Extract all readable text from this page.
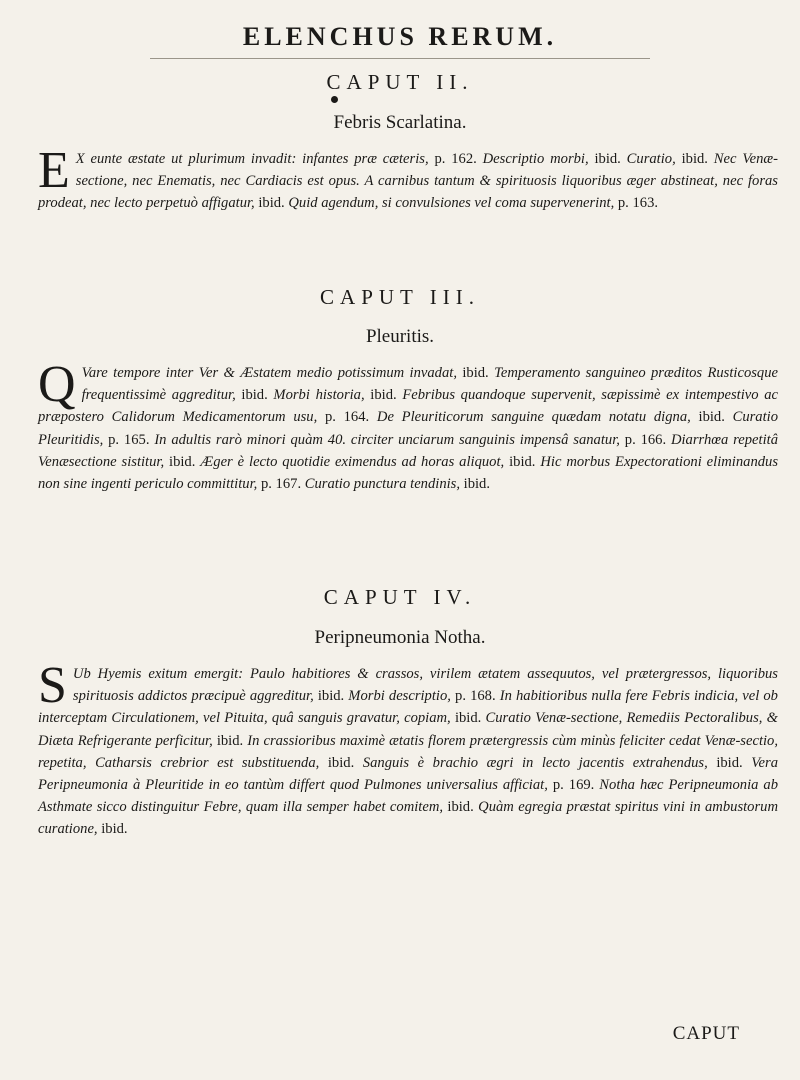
ELENCHUS RERUM.
CAPUT II.
Febris Scarlatina.
E X eunte æstate ut plurimum invadit: infantes præ cæteris, p. 162. Descriptio morbi, ibid. Curatio, ibid. Nec Venæ-sectione, nec Enematis, nec Cardiacis est opus. A carnibus tantum & spirituosis liquoribus æger abstineat, nec foras prodeat, nec lecto perpetuò affigatur, ibid. Quid agendum, si convulsiones vel coma supervenerint, p. 163.
CAPUT III.
Pleuritis.
Q Vare tempore inter Ver & Æstatem medio potissimum invadat, ibid. Temperamento sanguineo præditos Rusticosque frequentissimè aggreditur, ibid. Morbi historia, ibid. Febribus quandoque supervenit, sæpissimè ex intempestivo ac præpostero Calidorum Medicamentorum usu, p. 164. De Pleuriticorum sanguine quædam notatu digna, ibid. Curatio Pleuritidis, p. 165. In adultis rarò minori quàm 40. circiter unciarum sanguinis impensâ sanatur, p. 166. Diarrhœa repetitâ Venæsectione sistitur, ibid. Æger è lecto quotidie eximendus ad horas aliquot, ibid. Hic morbus Expectorationi eliminandus non sine ingenti periculo committitur, p. 167. Curatio punctura tendinis, ibid.
CAPUT IV.
Peripneumonia Notha.
S Ub Hyemis exitum emergit: Paulo habitiores & crassos, virilem ætatem assequutos, vel prætergressos, liquoribus spirituosis addictos præcipuè aggreditur, ibid. Morbi descriptio, p. 168. In habitioribus nulla fere Febris indicia, vel ob interceptam Circulationem, vel Pituita, quâ sanguis gravatur, copiam, ibid. Curatio Venæ-sectione, Remediis Pectoralibus, & Diæta Refrigerante perficitur, ibid. In crassioribus maximè ætatis florem prætergressis cùm minùs feliciter cedat Venæ-sectio, repetita, Catharsis crebrior est substituenda, ibid. Sanguis è brachio ægri in lecto jacentis extrahendus, ibid. Vera Peripneumonia à Pleuritide in eo tantùm differt quod Pulmones universalius afficiat, p. 169. Notha hæc Peripneumonia ab Asthmate sicco distinguitur Febre, quam illa semper habet comitem, ibid. Quàm egregia præstat spiritus vini in ambustorum curatione, ibid.
CAPUT
